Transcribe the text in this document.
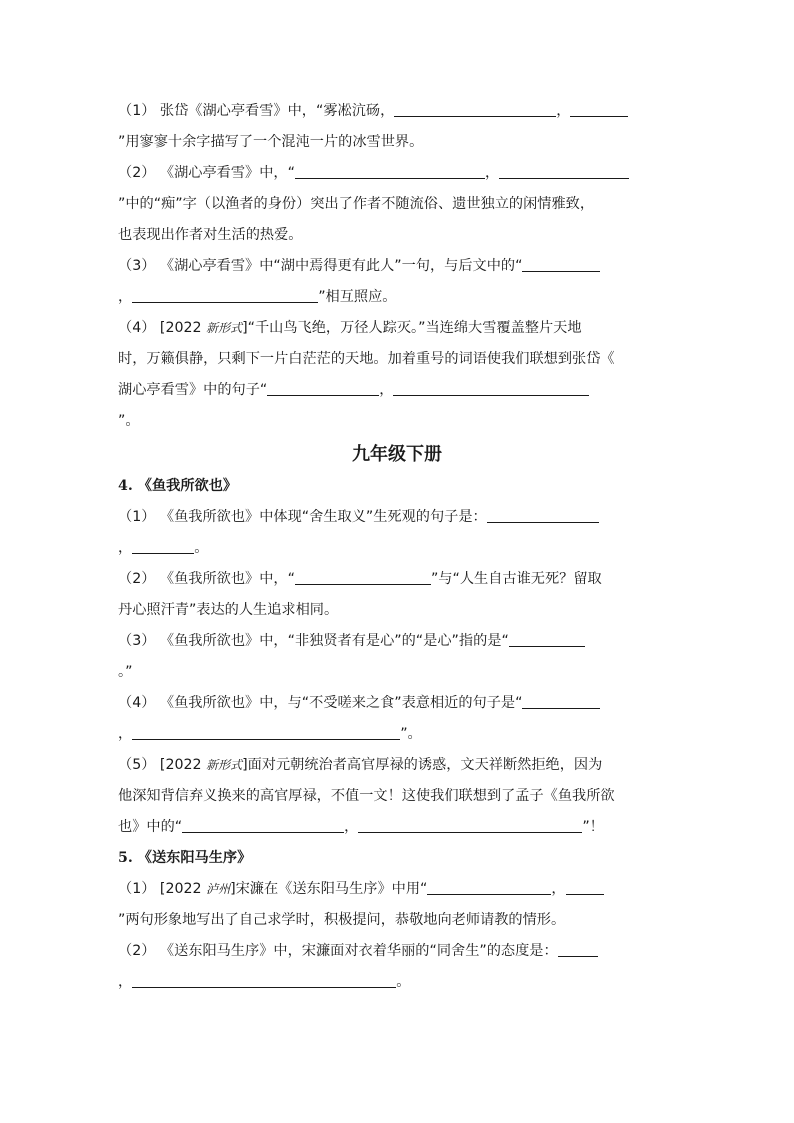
（1） 张岱《湖心亭看雪》中，“雾凇沆砀，	，
”用寥寥十余字描写了一个混沌一片的冰雪世界。
（2） 《湖心亭看雪》中，“	，
”中的“痴”字（以渔者的身份）突出了作者不随流俗、遗世独立的闲情雅致，
也表现出作者对生活的热爱。
（3） 《湖心亭看雪》中“湖中焉得更有此人”一句，与后文中的“
，	”相互照应。
（4） [2022 新形式]“千山鸟飞绝，万径人踪灭。”当连绵大雪覆盖整片天地
时，万籁俱静，只剩下一片白茫茫的天地。加着重号的词语使我们联想到张岱《
湖心亭看雪》中的句子“	，
”。
九年级下册
4. 《鱼我所欲也》
（1） 《鱼我所欲也》中体现“舍生取义”生死观的句子是：
，	。
（2） 《鱼我所欲也》中，“	”与“人生自古谁无死？留取
丹心照汗青”表达的人生追求相同。
（3） 《鱼我所欲也》中，“非独贤者有是心”的“是心”指的是“
。”
（4） 《鱼我所欲也》中，与“不受嗟来之食”表意相近的句子是“
，	”。
（5） [2022 新形式]面对元朝统治者高官厚禄的诱惑，文天祥断然拒绝，因为
他深知背信弃义换来的高官厚禄，不值一文！这使我们联想到了孟子《鱼我所欲
也》中的“	，	”！
5. 《送东阳马生序》
（1） [2022 泸州]宋濂在《送东阳马生序》中用“	，
”两句形象地写出了自己求学时，积极提问，恭敬地向老师请教的情形。
（2） 《送东阳马生序》中，宋濂面对衣着华丽的“同舍生”的态度是：
，	。
